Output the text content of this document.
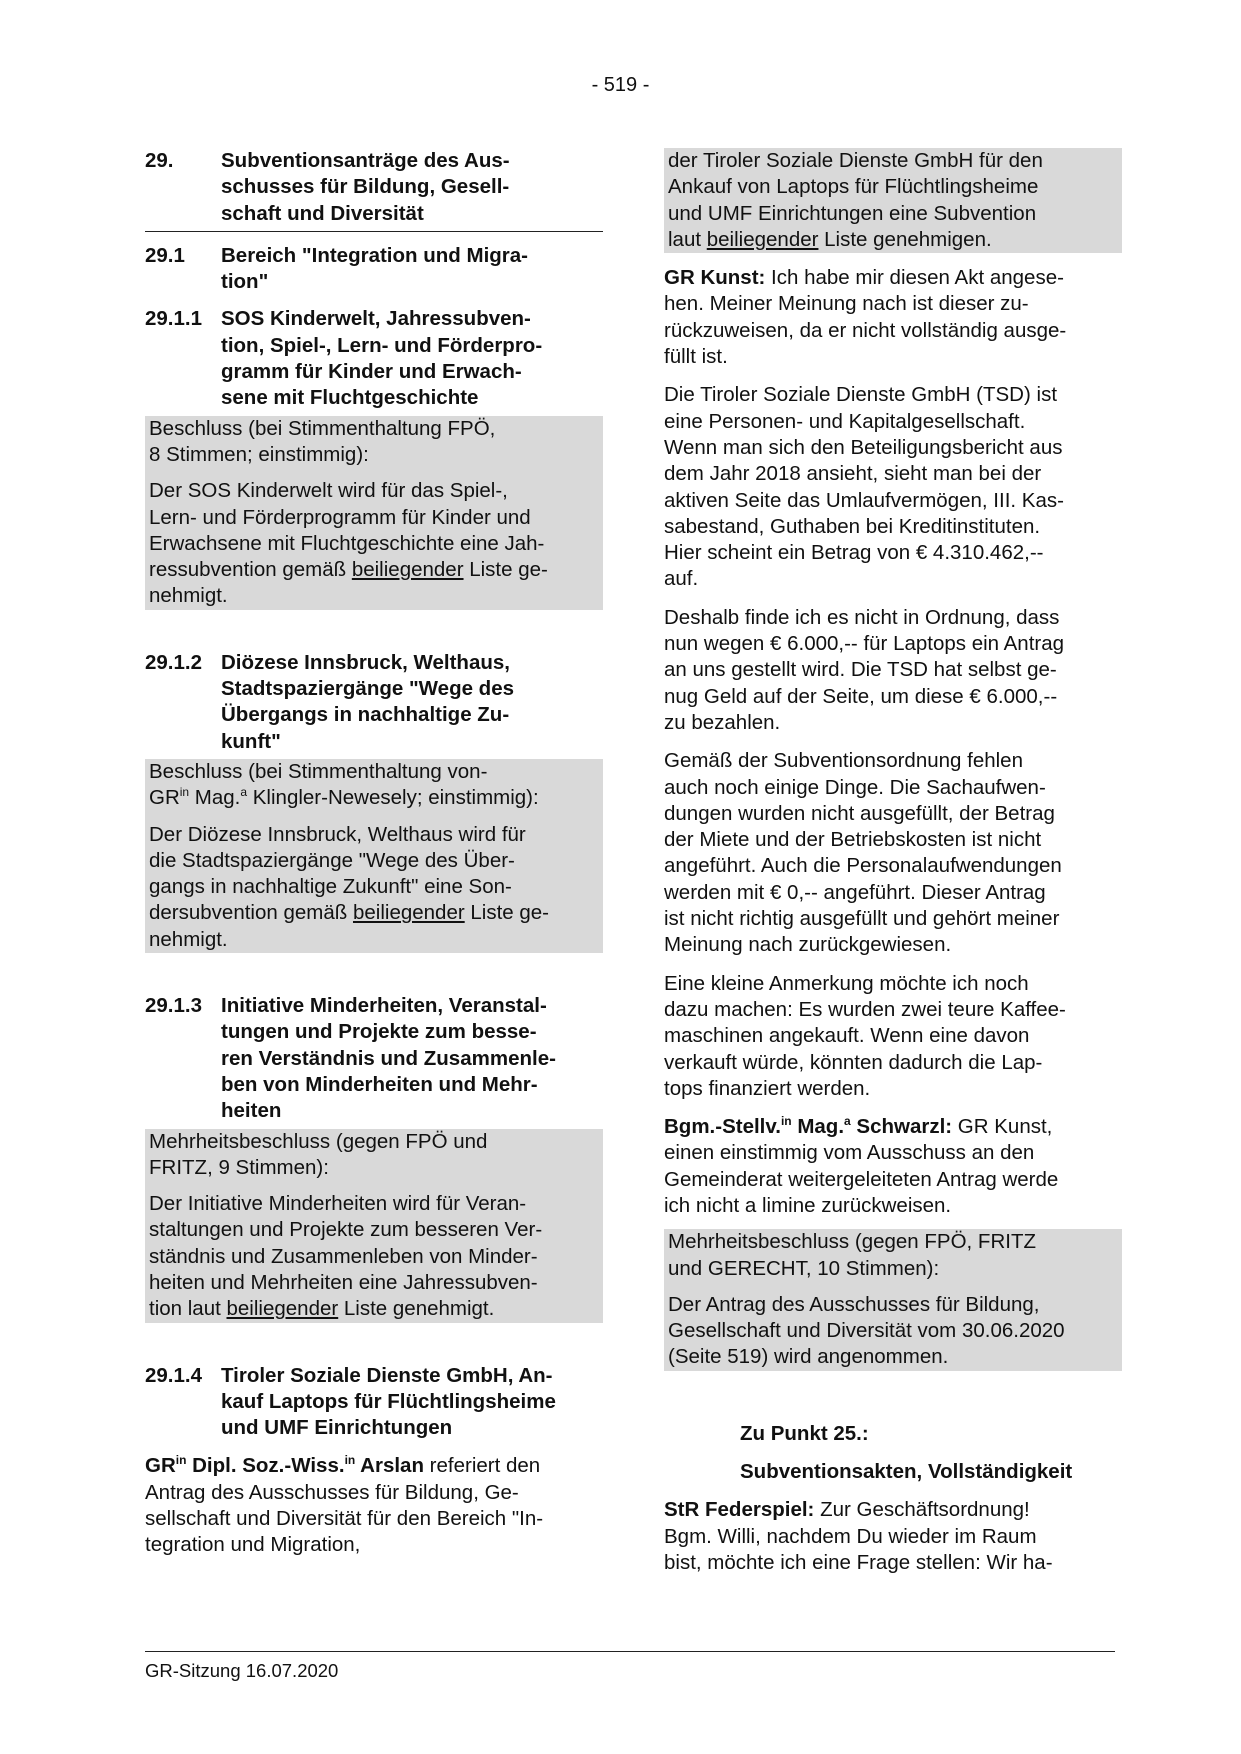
- 519 -
29.	Subventionsanträge des Aus-
schusses für Bildung, Gesell-
schaft und Diversität
29.1	Bereich "Integration und Migra-
tion"
29.1.1 SOS Kinderwelt, Jahressubven-
tion, Spiel-, Lern- und Förderpro-
gramm für Kinder und Erwach-
sene mit Fluchtgeschichte

Beschluss (bei Stimmenthaltung FPÖ,
8 Stimmen; einstimmig):

Der SOS Kinderwelt wird für das Spiel-,
Lern- und Förderprogramm für Kinder und
Erwachsene mit Fluchtgeschichte eine Jah-
ressubvention gemäß beiliegender Liste ge-
nehmigt.

29.1.2 Diözese Innsbruck, Welthaus,
Stadtspaziergänge "Wege des
Übergangs in nachhaltige Zu-
kunft"

Beschluss (bei Stimmenthaltung von-
$GR^{in}$ Mag.$^a$ Klingler-Newesely; einstimmig):

Der Diözese Innsbruck, Welthaus wird für
die Stadtspaziergänge "Wege des Über-
gangs in nachhaltige Zukunft" eine Son-
dersubvention gemäß beiliegender Liste ge-
nehmigt.

29.1.3 Initiative Minderheiten, Veranstal-
tungen und Projekte zum besse-
ren Verständnis und Zusammenle-
ben von Minderheiten und Mehr-
heiten

Mehrheitsbeschluss (gegen FPÖ und
FRITZ, 9 Stimmen):

Der Initiative Minderheiten wird für Veran-
staltungen und Projekte zum besseren Ver-
ständnis und Zusammenleben von Minder-
heiten und Mehrheiten eine Jahressubven-
tion laut beiliegender Liste genehmigt.

29.1.4 Tiroler Soziale Dienste GmbH, An-
kauf Laptops für Flüchtlingsheime
und UMF Einrichtungen

$GR^{in}$ Dipl. Soz.-Wiss.$^{in}$ Arslan referiert den
Antrag des Ausschusses für Bildung, Ge-
sellschaft und Diversität für den Bereich "In-
tegration und Migration,

der Tiroler Soziale Dienste GmbH für den
Ankauf von Laptops für Flüchtlingsheime
und UMF Einrichtungen eine Subvention
laut beiliegender Liste genehmigen.

GR Kunst: Ich habe mir diesen Akt angese-
hen. Meiner Meinung nach ist dieser zu-
rückzuweisen, da er nicht vollständig ausge-
füllt ist.

Die Tiroler Soziale Dienste GmbH (TSD) ist
eine Personen- und Kapitalgesellschaft.
Wenn man sich den Beteiligungsbericht aus
dem Jahr 2018 ansieht, sieht man bei der
aktiven Seite das Umlaufvermögen, III. Kas-
sabestand, Guthaben bei Kreditinstituten.
Hier scheint ein Betrag von € 4.310.462,--
auf.

Deshalb finde ich es nicht in Ordnung, dass
nun wegen € 6.000,-- für Laptops ein Antrag
an uns gestellt wird. Die TSD hat selbst ge-
nug Geld auf der Seite, um diese € 6.000,--
zu bezahlen.

Gemäß der Subventionsordnung fehlen
auch noch einige Dinge. Die Sachaufwen-
dungen wurden nicht ausgefüllt, der Betrag
der Miete und der Betriebskosten ist nicht
angeführt. Auch die Personalaufwendungen
werden mit € 0,-- angeführt. Dieser Antrag
ist nicht richtig ausgefüllt und gehört meiner
Meinung nach zurückgewiesen.

Eine kleine Anmerkung möchte ich noch
dazu machen: Es wurden zwei teure Kaffee-
maschinen angekauft. Wenn eine davon
verkauft würde, könnten dadurch die Lap-
tops finanziert werden.

Bgm.-Stellv.$^{in}$ Mag.$^a$ Schwarzl: GR Kunst,
einen einstimmig vom Ausschuss an den
Gemeinderat weitergeleiteten Antrag werde
ich nicht a limine zurückweisen.

Mehrheitsbeschluss (gegen FPÖ, FRITZ
und GERECHT, 10 Stimmen):

Der Antrag des Ausschusses für Bildung,
Gesellschaft und Diversität vom 30.06.2020
(Seite 519) wird angenommen.

Zu Punkt 25.:

Subventionsakten, Vollständigkeit

StR Federspiel: Zur Geschäftsordnung!
Bgm. Willi, nachdem Du wieder im Raum
bist, möchte ich eine Frage stellen: Wir ha-

GR-Sitzung 16.07.2020
